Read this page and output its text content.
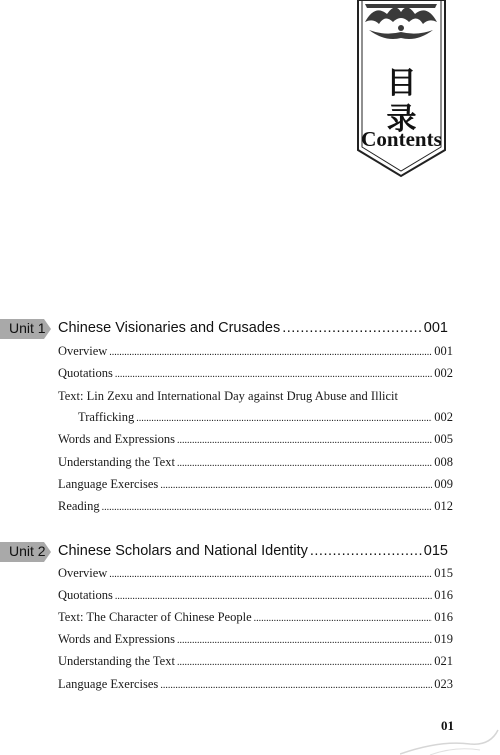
目
录
Contents
Unit 1 Chinese Visionaries and Crusades .....	001
Overview .....	001
Quotations .....	002
Text: Lin Zexu and International Day against Drug Abuse and Illicit
Trafficking .....	002
Words and Expressions .....	005
Understanding the Text .....	008
Language Exercises .....	009
Reading .....	012
Unit 2 Chinese Scholars and National Identity .....	015
Overview .....	015
Quotations .....	016
Text: The Character of Chinese People .....	016
Words and Expressions .....	019
Understanding the Text .....	021
Language Exercises .....	023
01
